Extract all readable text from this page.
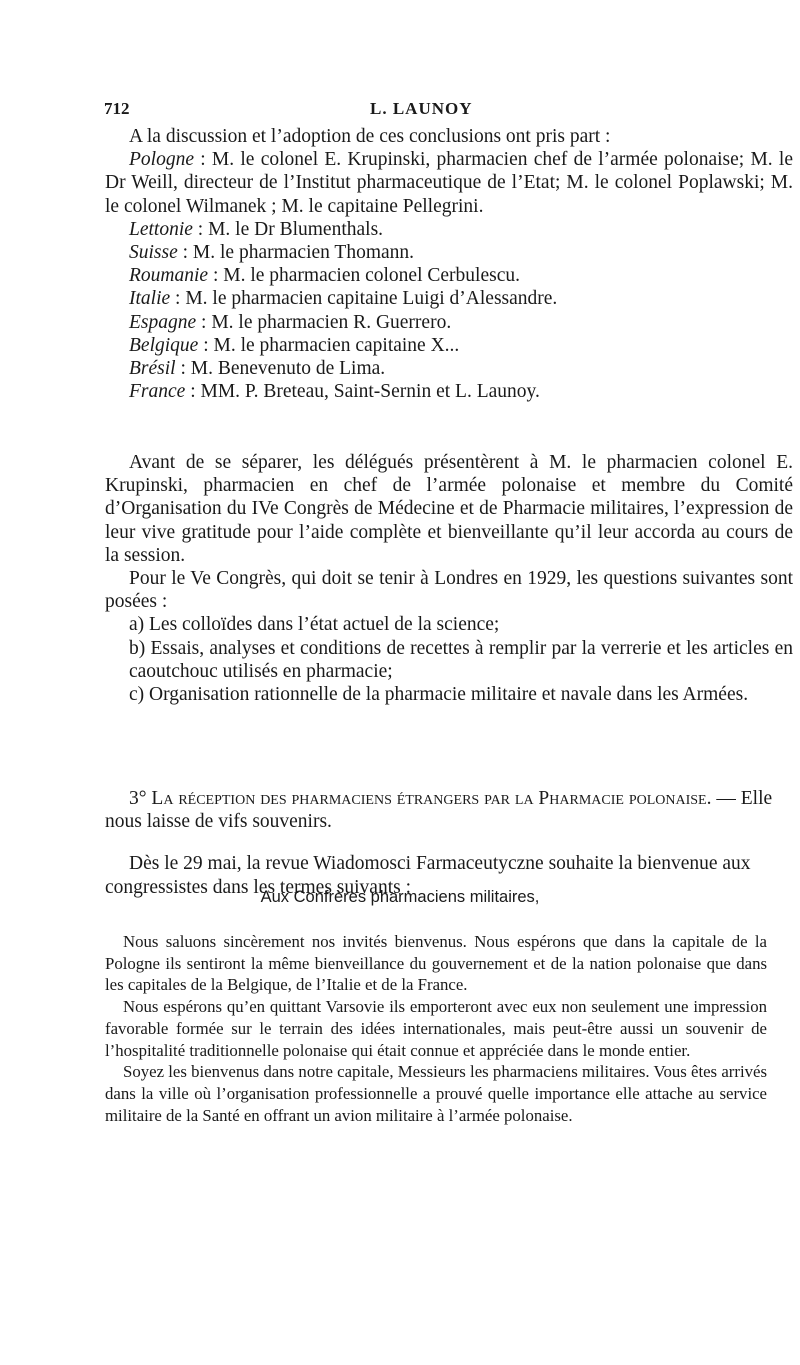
712	L. LAUNOY

A la discussion et l’adoption de ces conclusions ont pris part :

Pologne : M. le colonel E. Krupinski, pharmacien chef de l’armée polonaise; M. le Dr Weill, directeur de l’Institut pharmaceutique de l’Etat; M. le colonel Poplawski; M. le colonel Wilmanek ; M. le capitaine Pellegrini.

Lettonie : M. le Dr Blumenthals.

Suisse : M. le pharmacien Thomann.

Roumanie : M. le pharmacien colonel Cerbulescu.

Italie : M. le pharmacien capitaine Luigi d’Alessandre.

Espagne : M. le pharmacien R. Guerrero.

Belgique : M. le pharmacien capitaine X...

Brésil : M. Benevenuto de Lima.

France : MM. P. Breteau, Saint-Sernin et L. Launoy.

Avant de se séparer, les délégués présentèrent à M. le pharmacien colonel E. Krupinski, pharmacien en chef de l’armée polonaise et membre du Comité d’Organisation du IVe Congrès de Médecine et de Pharmacie militaires, l’expression de leur vive gratitude pour l’aide complète et bienveillante qu’il leur accorda au cours de la session.

Pour le Ve Congrès, qui doit se tenir à Londres en 1929, les questions suivantes sont posées :

a) Les colloïdes dans l’état actuel de la science;

b) Essais, analyses et conditions de recettes à remplir par la verrerie et les articles en caoutchouc utilisés en pharmacie;

c) Organisation rationnelle de la pharmacie militaire et navale dans les Armées.

3° La réception des pharmaciens étrangers par la Pharmacie polonaise. — Elle nous laisse de vifs souvenirs.

Dès le 29 mai, la revue Wiadomosci Farmaceutyczne souhaite la bienvenue aux congressistes dans les termes suivants :

Aux Confrères pharmaciens militaires,

Nous saluons sincèrement nos invités bienvenus. Nous espérons que dans la capitale de la Pologne ils sentiront la même bienveillance du gouvernement et de la nation polonaise que dans les capitales de la Belgique, de l’Italie et de la France.

Nous espérons qu’en quittant Varsovie ils emporteront avec eux non seulement une impression favorable formée sur le terrain des idées internationales, mais peut-être aussi un souvenir de l’hospitalité traditionnelle polonaise qui était connue et appréciée dans le monde entier.

Soyez les bienvenus dans notre capitale, Messieurs les pharmaciens militaires. Vous êtes arrivés dans la ville où l’organisation professionnelle a prouvé quelle importance elle attache au service militaire de la Santé en offrant un avion militaire à l’armée polonaise.
